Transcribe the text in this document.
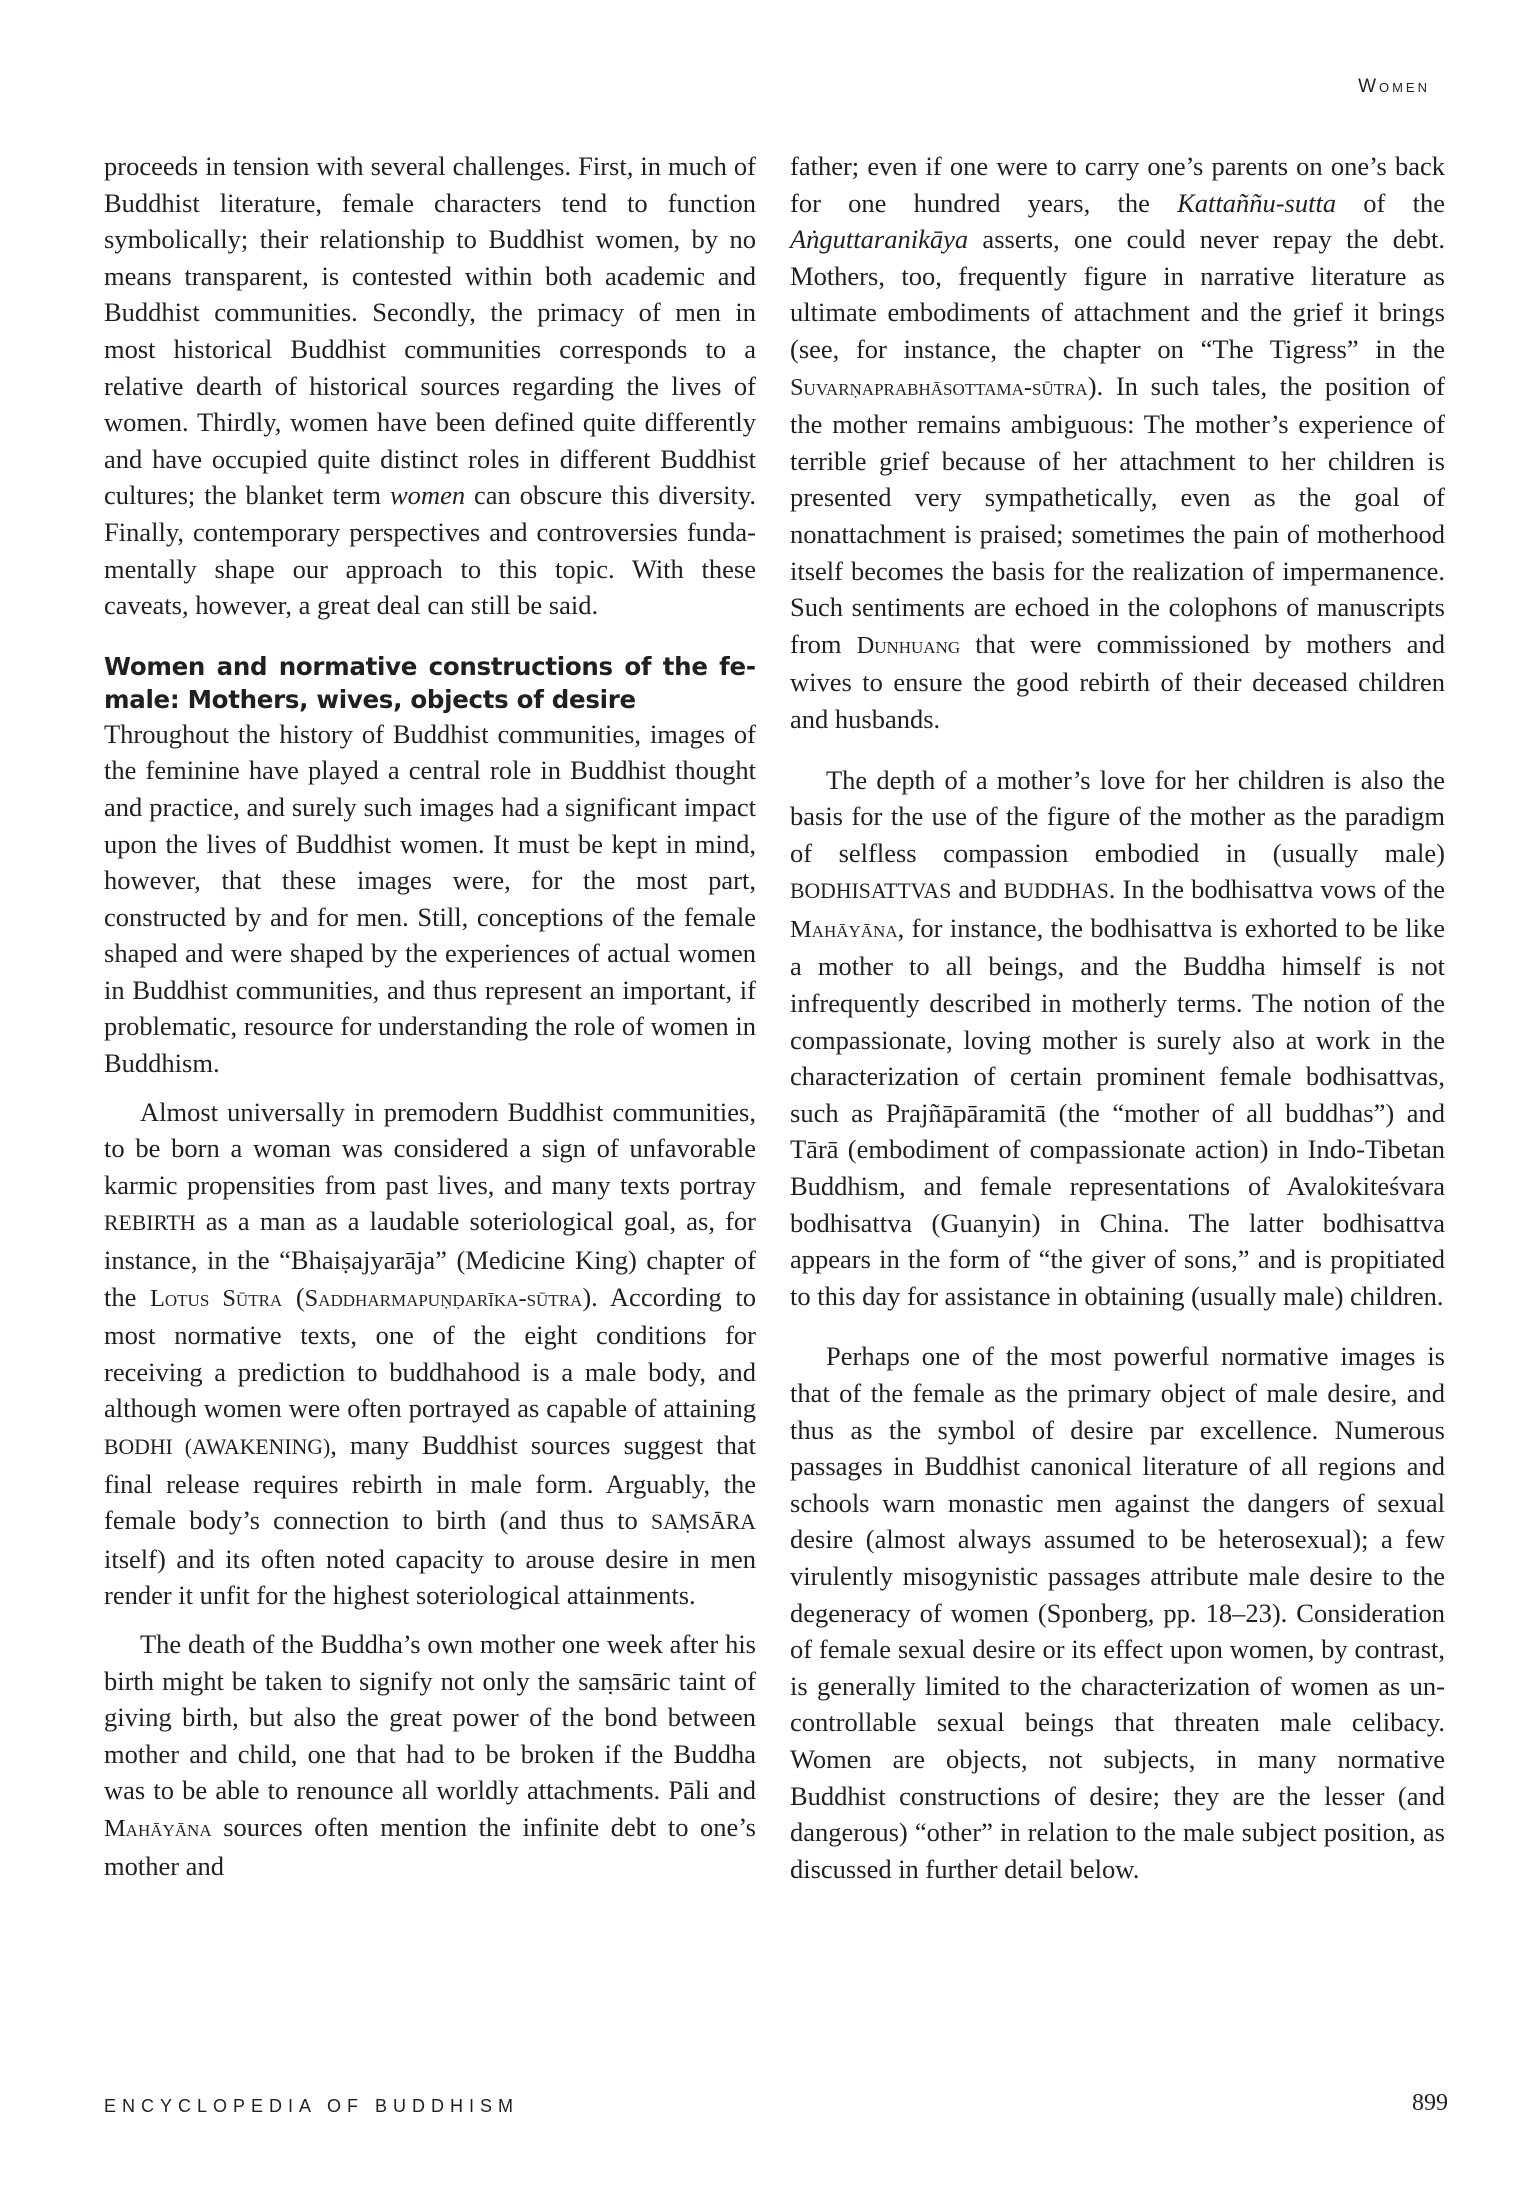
Women

proceeds in tension with several challenges. First, in much of Buddhist literature, female characters tend to function symbolically; their relationship to Buddhist women, by no means transparent, is contested within both academic and Buddhist communities. Secondly, the primacy of men in most historical Buddhist communities corresponds to a relative dearth of historical sources regarding the lives of women. Thirdly, women have been defined quite differently and have occupied quite distinct roles in different Buddhist cultures; the blanket term women can obscure this diversity. Finally, contemporary perspectives and controversies fundamentally shape our approach to this topic. With these caveats, however, a great deal can still be said.

Women and normative constructions of the female: Mothers, wives, objects of desire

Throughout the history of Buddhist communities, images of the feminine have played a central role in Buddhist thought and practice, and surely such images had a significant impact upon the lives of Buddhist women. It must be kept in mind, however, that these images were, for the most part, constructed by and for men. Still, conceptions of the female shaped and were shaped by the experiences of actual women in Buddhist communities, and thus represent an important, if problematic, resource for understanding the role of women in Buddhism.

Almost universally in premodern Buddhist communities, to be born a woman was considered a sign of unfavorable karmic propensities from past lives, and many texts portray REBIRTH as a man as a laudable soteriological goal, as, for instance, in the “Bhaiṣajyarāja” (Medicine King) chapter of the Lotus Sūtra (Saddharmapuṇḍarīka-sūtra). According to most normative texts, one of the eight conditions for receiving a prediction to buddhahood is a male body, and although women were often portrayed as capable of attaining BODHI (AWAKENING), many Buddhist sources suggest that final release requires rebirth in male form. Arguably, the female body’s connection to birth (and thus to SAṂSĀRA itself) and its often noted capacity to arouse desire in men render it unfit for the highest soteriological attainments.

The death of the Buddha’s own mother one week after his birth might be taken to signify not only the saṃsāric taint of giving birth, but also the great power of the bond between mother and child, one that had to be broken if the Buddha was to be able to renounce all worldly attachments. Pāli and Mahāyāna sources often mention the infinite debt to one’s mother and

father; even if one were to carry one’s parents on one’s back for one hundred years, the Kattaññu-sutta of the Aṅguttaranikāya asserts, one could never repay the debt. Mothers, too, frequently figure in narrative literature as ultimate embodiments of attachment and the grief it brings (see, for instance, the chapter on “The Tigress” in the Suvarṇaprabhāsottama-sūtra). In such tales, the position of the mother remains ambiguous: The mother’s experience of terrible grief because of her attachment to her children is presented very sympathetically, even as the goal of nonattachment is praised; sometimes the pain of motherhood itself becomes the basis for the realization of impermanence. Such sentiments are echoed in the colophons of manuscripts from Dunhuang that were commissioned by mothers and wives to ensure the good rebirth of their deceased children and husbands.

The depth of a mother’s love for her children is also the basis for the use of the figure of the mother as the paradigm of selfless compassion embodied in (usually male) BODHISATTVAS and BUDDHAS. In the bodhisattva vows of the Mahāyāna, for instance, the bodhisattva is exhorted to be like a mother to all beings, and the Buddha himself is not infrequently described in motherly terms. The notion of the compassionate, loving mother is surely also at work in the characterization of certain prominent female bodhisattvas, such as Prajñāpāramitā (the “mother of all buddhas”) and Tārā (embodiment of compassionate action) in Indo-Tibetan Buddhism, and female representations of Avalokiteśvara bodhisattva (Guanyin) in China. The latter bodhisattva appears in the form of “the giver of sons,” and is propitiated to this day for assistance in obtaining (usually male) children.

Perhaps one of the most powerful normative images is that of the female as the primary object of male desire, and thus as the symbol of desire par excellence. Numerous passages in Buddhist canonical literature of all regions and schools warn monastic men against the dangers of sexual desire (almost always assumed to be heterosexual); a few virulently misogynistic passages attribute male desire to the degeneracy of women (Sponberg, pp. 18–23). Consideration of female sexual desire or its effect upon women, by contrast, is generally limited to the characterization of women as uncontrollable sexual beings that threaten male celibacy. Women are objects, not subjects, in many normative Buddhist constructions of desire; they are the lesser (and dangerous) “other” in relation to the male subject position, as discussed in further detail below.

ENCYCLOPEDIA OF BUDDHISM	899
